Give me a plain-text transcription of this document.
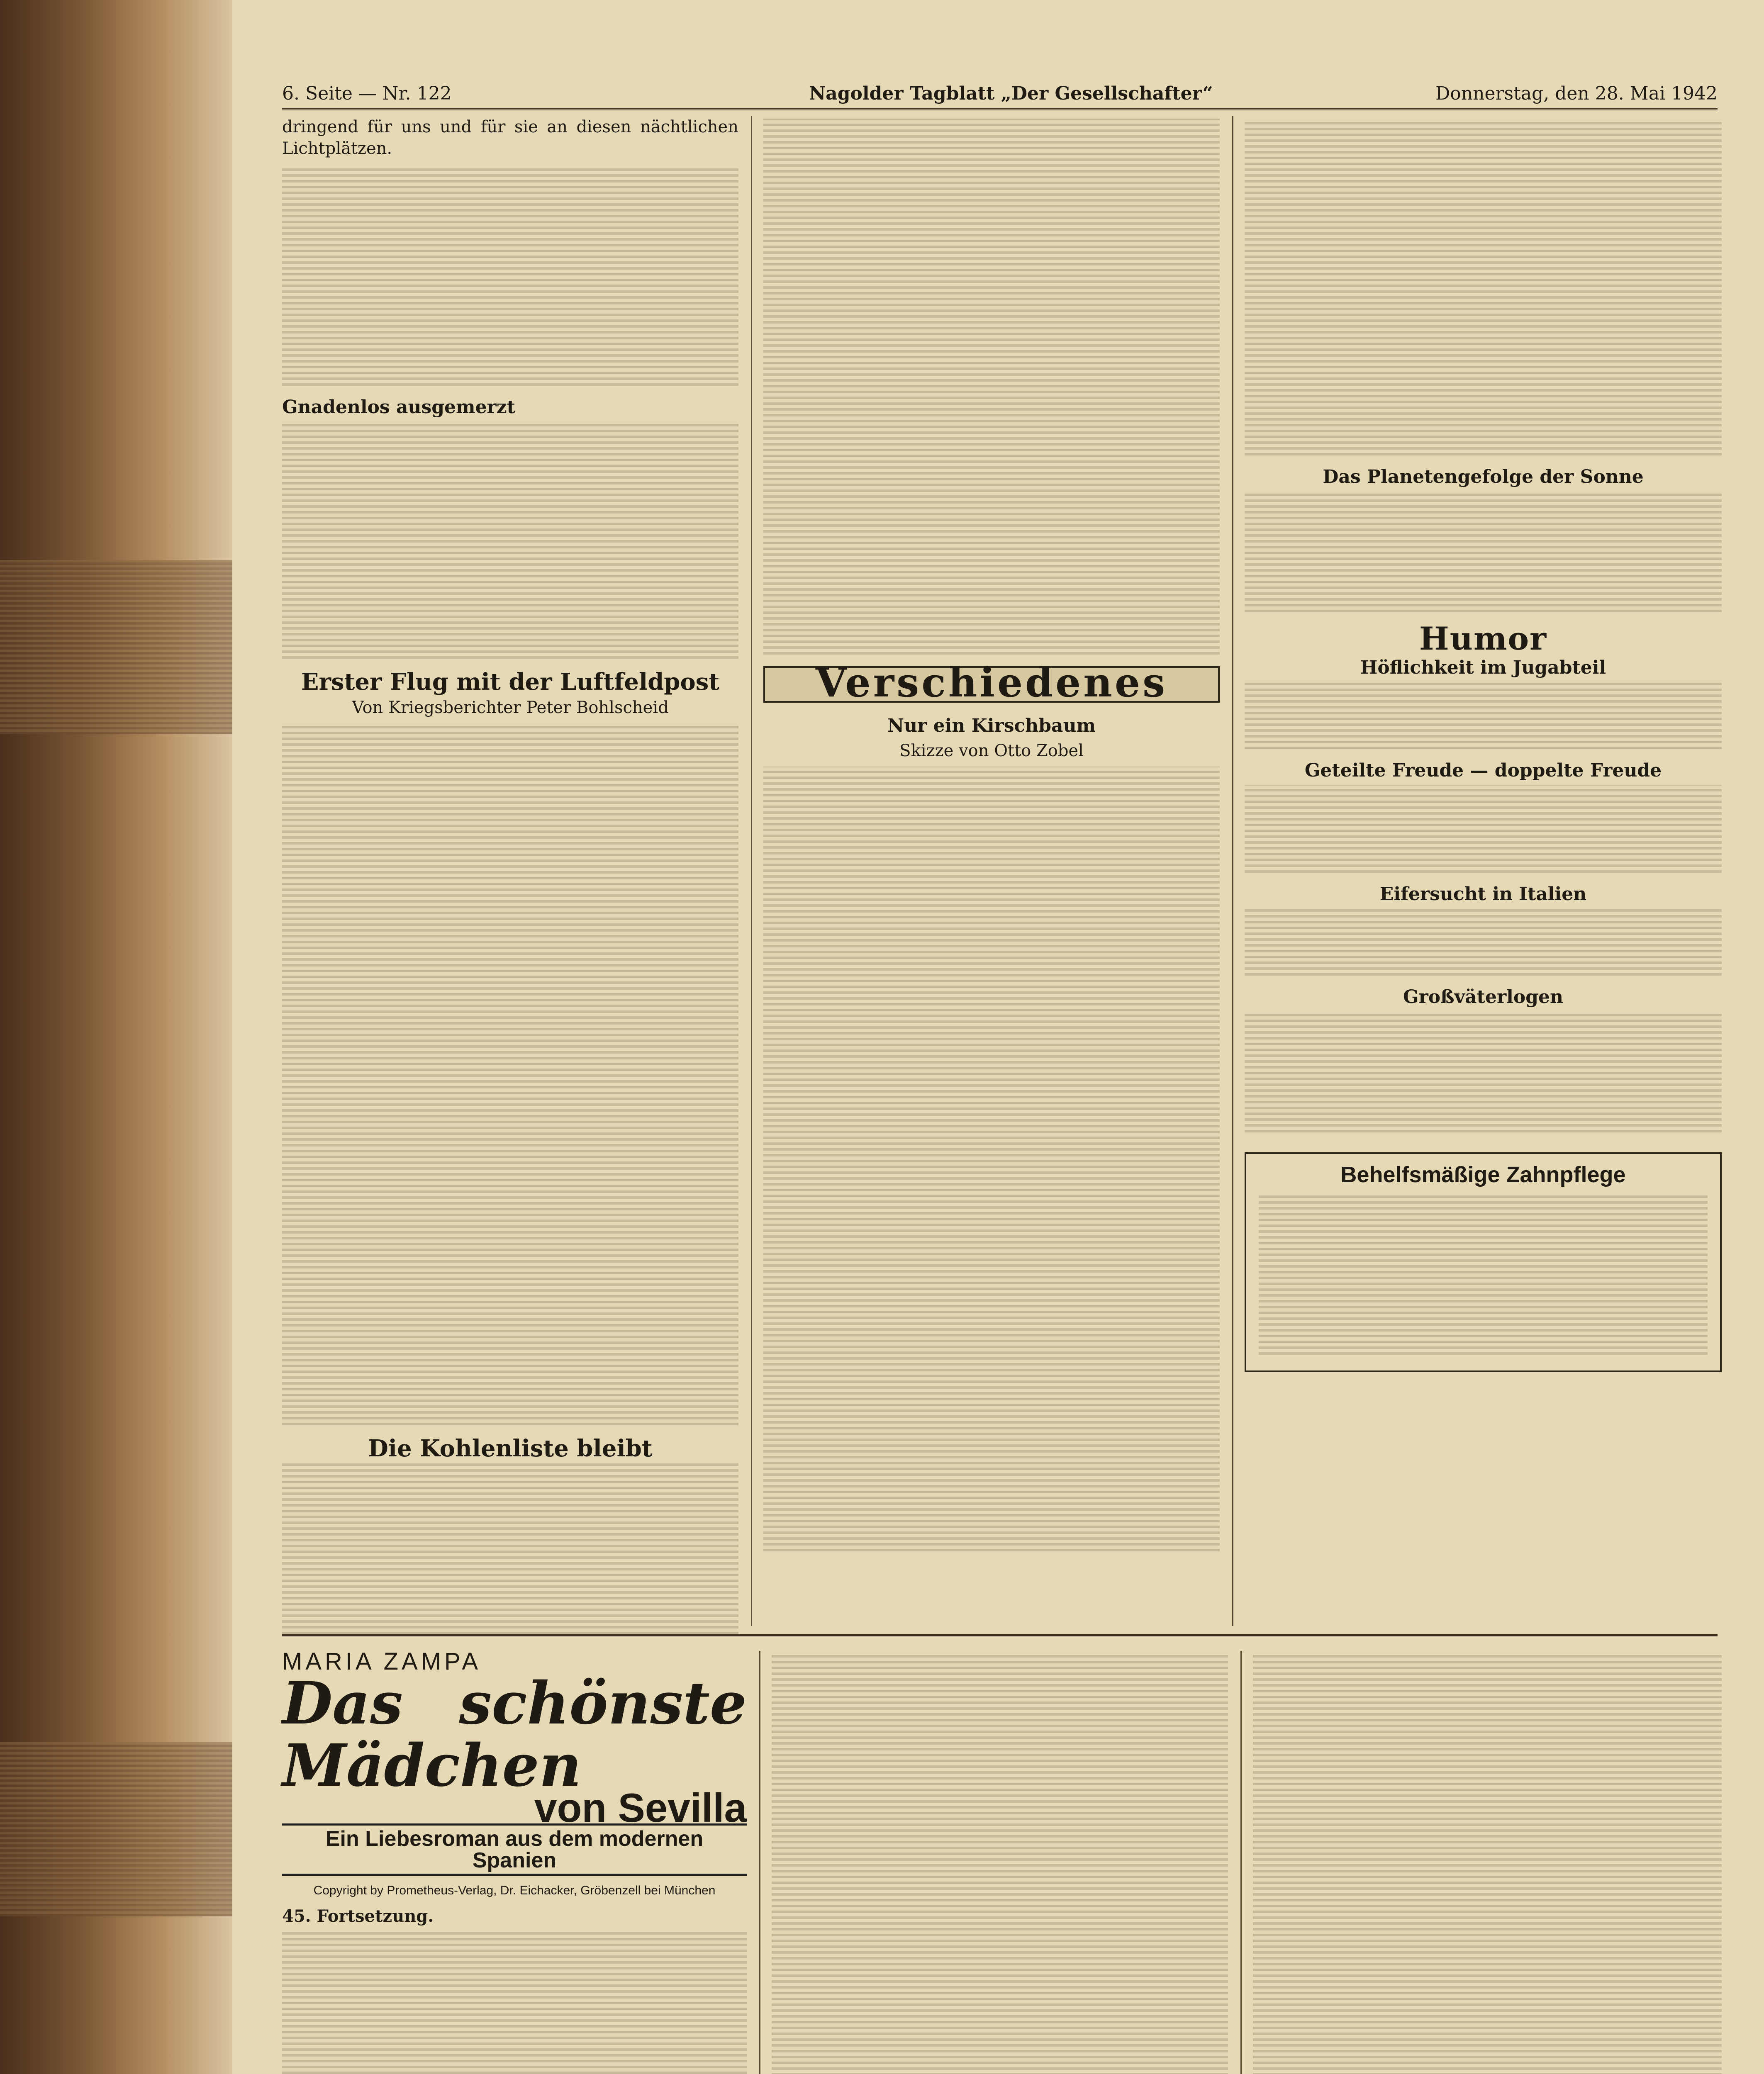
6. Seite — Nr. 122	Nagolder Tagblatt „Der Gesellschafter“	Donnerstag, den 28. Mai 1942

dringend für uns und für sie an diesen nächtlichen Lichtplätzen.

Gnadenlos ausgemerzt
Erster Flug mit der Luftfeldpost
Von Kriegsberichter Peter Bohlscheid
Die Kohlenliste bleibt
Verschiedenes
Nur ein Kirschbaum
Skizze von Otto Zobel
Das Planetengefolge der Sonne
Humor
Höflichkeit im Jugabteil
Geteilte Freude — doppelte Freude
Eifersucht in Italien
Großväterlogen
Behelfsmäßige Zahnpflege
MARIA ZAMPA
Das schönste Mädchen
von Sevilla
Ein Liebesroman aus dem modernen Spanien
Copyright by Prometheus-Verlag, Dr. Eichacker, Gröbenzell bei München
45. Fortsetzung.
